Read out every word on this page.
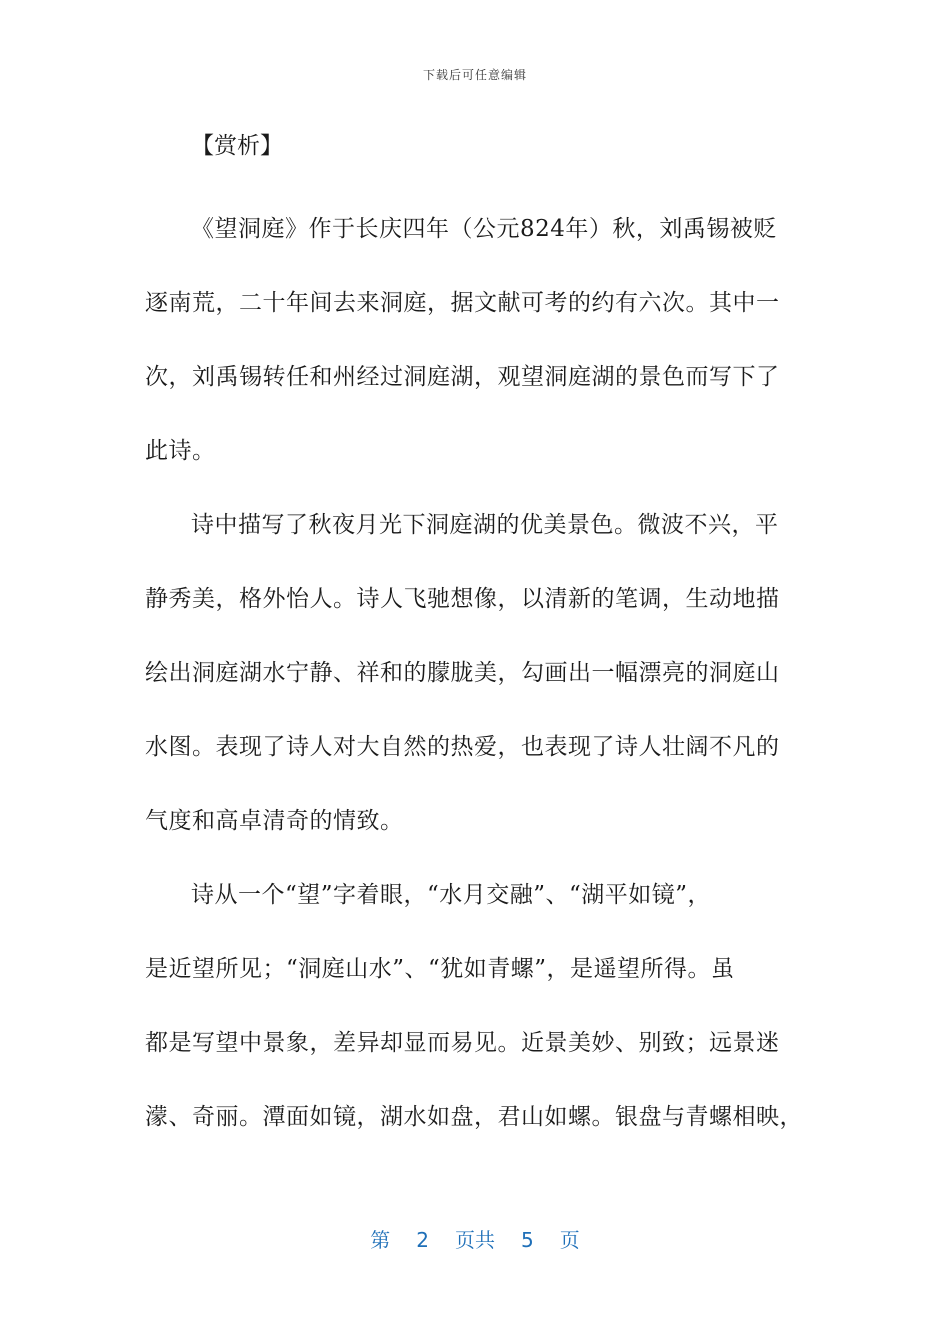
下载后可任意编辑

【赏析】

《望洞庭》作于长庆四年（公元824年）秋，刘禹锡被贬
逐南荒，二十年间去来洞庭，据文献可考的约有六次。其中一
次，刘禹锡转任和州经过洞庭湖，观望洞庭湖的景色而写下了
此诗。
诗中描写了秋夜月光下洞庭湖的优美景色。微波不兴，平
静秀美，格外怡人。诗人飞驰想像，以清新的笔调，生动地描
绘出洞庭湖水宁静、祥和的朦胧美，勾画出一幅漂亮的洞庭山
水图。表现了诗人对大自然的热爱，也表现了诗人壮阔不凡的
气度和高卓清奇的情致。
诗从一个“望”字着眼，“水月交融”、“湖平如镜”，
是近望所见；“洞庭山水”、“犹如青螺”，是遥望所得。虽
都是写望中景象，差异却显而易见。近景美妙、别致；远景迷
濛、奇丽。潭面如镜，湖水如盘，君山如螺。银盘与青螺相映，
第 2 页共 5 页
